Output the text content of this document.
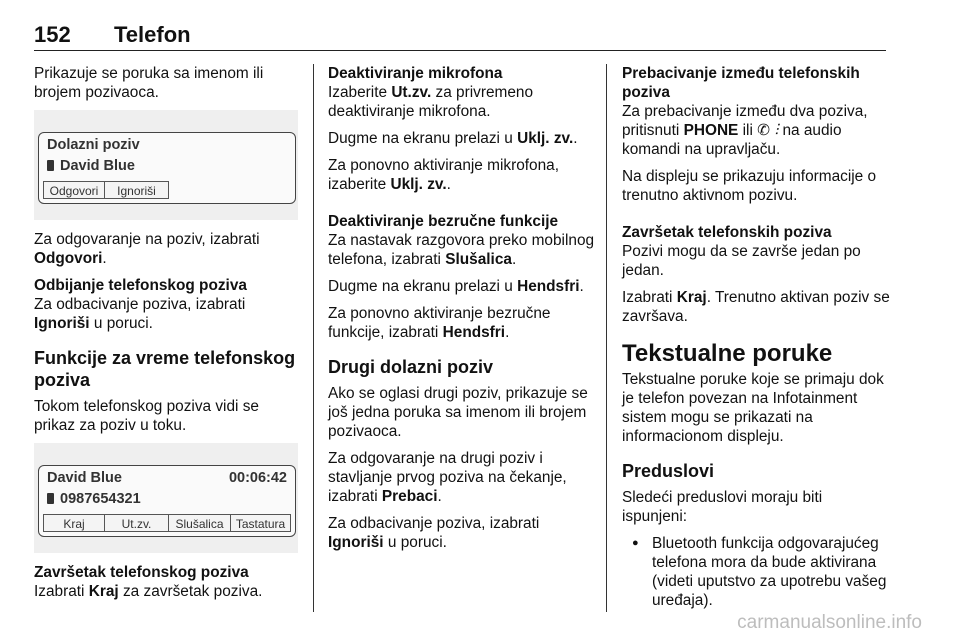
152 Telefon

Prikazuje se poruka sa imenom ili brojem pozivaoca.

Dolazni poziv
David Blue
Odgovori	Ignoriši

Za odgovaranje na poziv, izabrati Odgovori.

Odbijanje telefonskog poziva

Za odbacivanje poziva, izabrati Ignoriši u poruci.

Funkcije za vreme telefonskog poziva

Tokom telefonskog poziva vidi se prikaz za poziv u toku.

David Blue	00:06:42
0987654321
Kraj	Ut.zv.	Slušalica	Tastatura
Završetak telefonskog poziva

Izabrati Kraj za završetak poziva.

Deaktiviranje mikrofona

Izaberite Ut.zv. za privremeno deaktiviranje mikrofona.

Dugme na ekranu prelazi u Uklj. zv..

Za ponovno aktiviranje mikrofona, izaberite Uklj. zv..

Deaktiviranje bezručne funkcije

Za nastavak razgovora preko mobilnog telefona, izabrati Slušalica.

Dugme na ekranu prelazi u Hendsfri.

Za ponovno aktiviranje bezručne funkcije, izabrati Hendsfri.

Drugi dolazni poziv

Ako se oglasi drugi poziv, prikazuje se još jedna poruka sa imenom ili brojem pozivaoca.

Za odgovaranje na drugi poziv i stavljanje prvog poziva na čekanje, izabrati Prebaci.

Za odbacivanje poziva, izabrati Ignoriši u poruci.

Prebacivanje između telefonskih poziva

Za prebacivanje između dva poziva, pritisnuti PHONE ili ✆ ⫶ na audio komandi na upravljaču.

Na displeju se prikazuju informacije o trenutno aktivnom pozivu.

Završetak telefonskih poziva

Pozivi mogu da se završe jedan po jedan.

Izabrati Kraj. Trenutno aktivan poziv se završava.

Tekstualne poruke

Tekstualne poruke koje se primaju dok je telefon povezan na Infotainment sistem mogu se prikazati na informacionom displeju.

Preduslovi

Sledeći preduslovi moraju biti ispunjeni:

● Bluetooth funkcija odgovarajućeg telefona mora da bude aktivirana (videti uputstvo za upotrebu vašeg uređaja).

carmanualsonline.info
